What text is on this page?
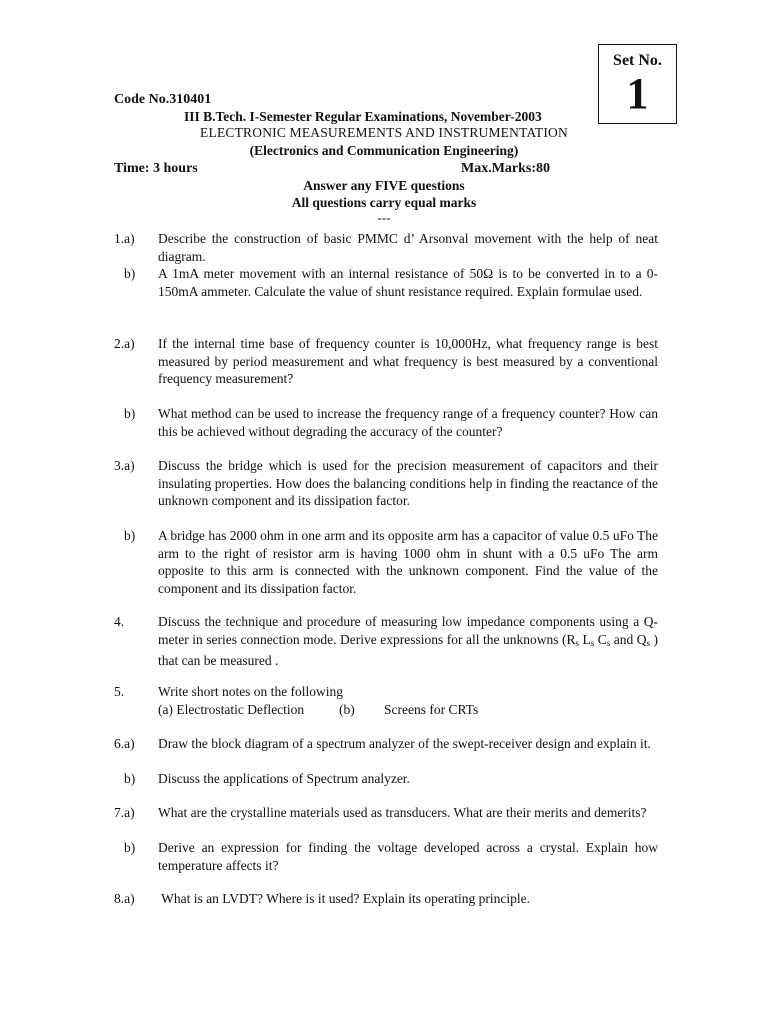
Set No.
1
Code No.310401
III B.Tech. I-Semester Regular Examinations, November-2003
ELECTRONIC MEASUREMENTS AND INSTRUMENTATION
(Electronics and Communication Engineering)
Time: 3 hours	Max.Marks:80
Answer any FIVE questions
All questions carry equal marks
---
1.a) Describe the construction of basic PMMC d’ Arsonval movement with the help of neat diagram.
b) A 1mA meter movement with an internal resistance of 50Ω is to be converted in to a 0-150mA ammeter. Calculate the value of shunt resistance required. Explain formulae used.
2.a) If the internal time base of frequency counter is 10,000Hz, what frequency range is best measured by period measurement and what frequency is best measured by a conventional frequency measurement?
b) What method can be used to increase the frequency range of a frequency counter? How can this be achieved without degrading the accuracy of the counter?
3.a) Discuss the bridge which is used for the precision measurement of capacitors and their insulating properties. How does the balancing conditions help in finding the reactance of the unknown component and its dissipation factor.
b) A bridge has 2000 ohm in one arm and its opposite arm has a capacitor of value 0.5 uFo The arm to the right of resistor arm is having 1000 ohm in shunt with a 0.5 uFo The arm opposite to this arm is connected with the unknown component. Find the value of the component and its dissipation factor.
4.	Discuss the technique and procedure of measuring low impedance components using a Q-meter in series connection mode. Derive expressions for all the unknowns ($R_s$ $L_s$ $C_s$ and $Q_s$ ) that can be measured .
5.	Write short notes on the following
(a) Electrostatic Deflection	(b) Screens for CRTs
6.a) Draw the block diagram of a spectrum analyzer of the swept-receiver design and explain it.
b) Discuss the applications of Spectrum analyzer.
7.a) What are the crystalline materials used as transducers. What are their merits and demerits?
b) Derive an expression for finding the voltage developed across a crystal. Explain how temperature affects it?
8.a) What is an LVDT? Where is it used? Explain its operating principle.
